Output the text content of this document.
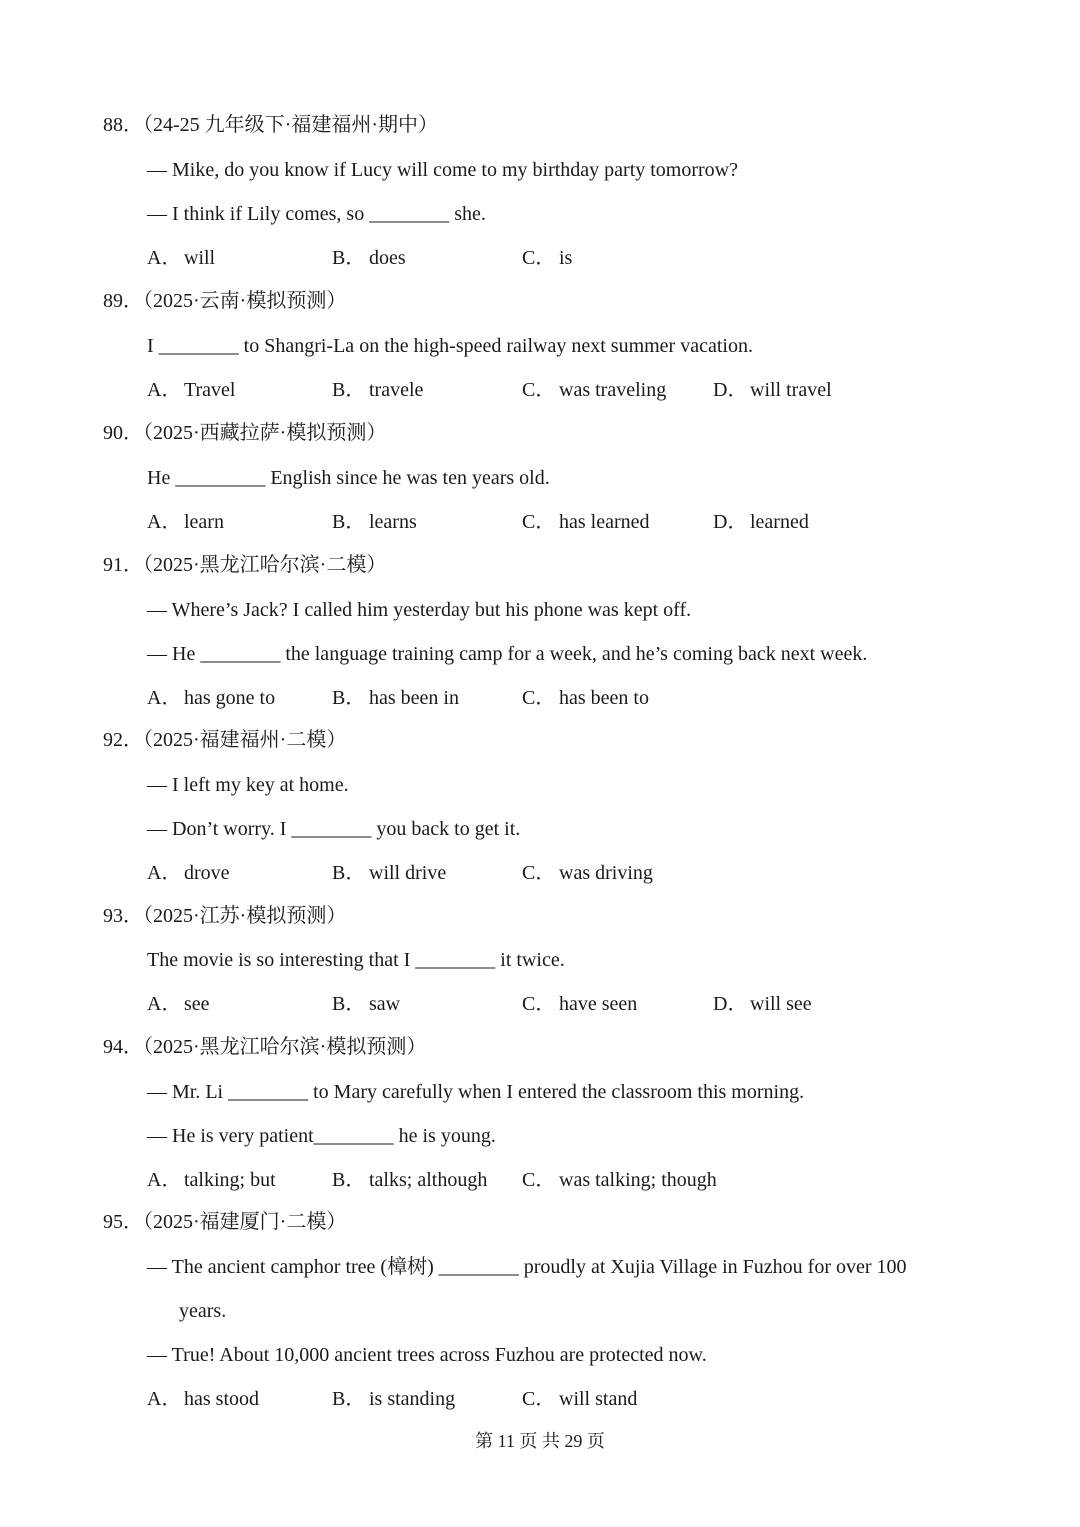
88．（24-25 九年级下·福建福州·期中）
— Mike, do you know if Lucy will come to my birthday party tomorrow?
— I think if Lily comes, so ________ she.
A． will	B． does	C． is
89．（2025·云南·模拟预测）
I ________ to Shangri-La on the high-speed railway next summer vacation.
A． Travel	B． travele	C． was traveling D． will travel
90．（2025·西藏拉萨·模拟预测）
He _________ English since he was ten years old.
A． learn	B． learns	C． has learned	D． learned
91．（2025·黑龙江哈尔滨·二模）
— Where’s Jack? I called him yesterday but his phone was kept off.
— He ________ the language training camp for a week, and he’s coming back next week.
A． has gone to	B． has been in	C． has been to
92．（2025·福建福州·二模）
— I left my key at home.
— Don’t worry. I ________ you back to get it.
A． drove	B． will drive	C． was driving
93．（2025·江苏·模拟预测）
The movie is so interesting that I ________ it twice.
A． see	B． saw	C． have seen	D． will see
94．（2025·黑龙江哈尔滨·模拟预测）
— Mr. Li ________ to Mary carefully when I entered the classroom this morning.
— He is very patient________ he is young.
A． talking; but	B． talks; although C． was talking; though
95．（2025·福建厦门·二模）
— The ancient camphor tree (樟树) ________ proudly at Xujia Village in Fuzhou for over 100
years.
— True! About 10,000 ancient trees across Fuzhou are protected now.
A． has stood	B． is standing	C． will stand
第 11 页 共 29 页
